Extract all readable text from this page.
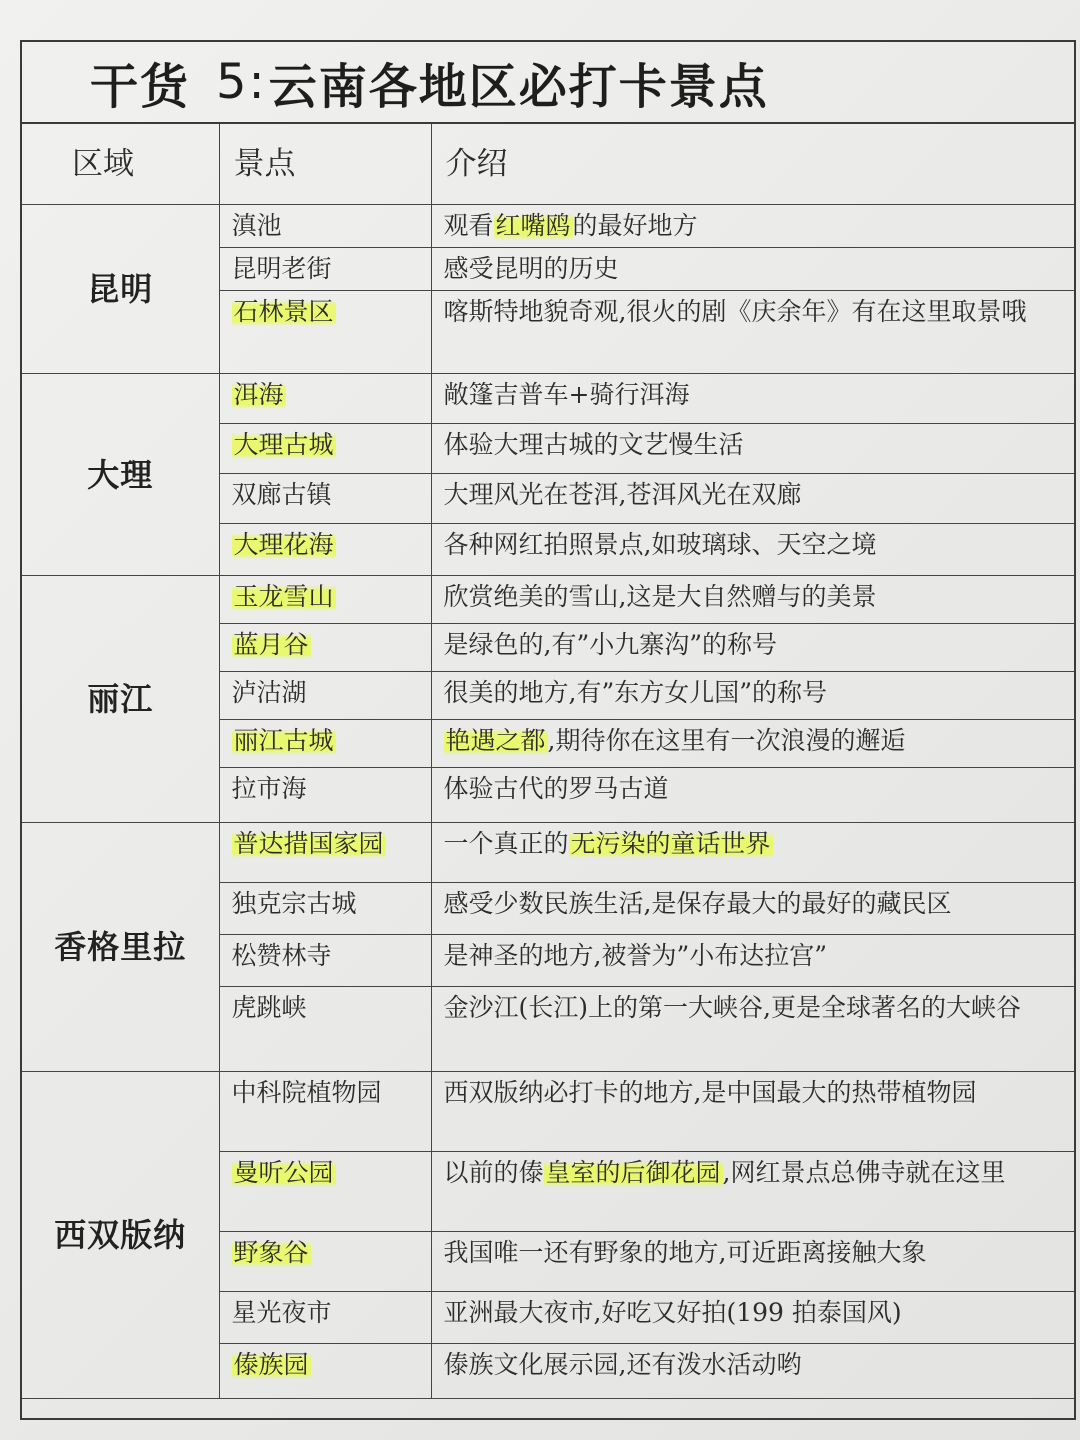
干货 5: 云南各地区必打卡景点
区域	景点	介绍
昆明	滇池	观看红嘴鸥的最好地方
	昆明老街	感受昆明的历史
	石林景区	喀斯特地貌奇观,很火的剧《庆余年》有在这里取景哦
大理	洱海	敞篷吉普车+骑行洱海
	大理古城	体验大理古城的文艺慢生活
	双廊古镇	大理风光在苍洱,苍洱风光在双廊
	大理花海	各种网红拍照景点,如玻璃球、天空之境
丽江	玉龙雪山	欣赏绝美的雪山,这是大自然赠与的美景
	蓝月谷	是绿色的,有”小九寨沟”的称号
	泸沽湖	很美的地方,有”东方女儿国”的称号
	丽江古城	艳遇之都,期待你在这里有一次浪漫的邂逅
	拉市海	体验古代的罗马古道
香格里拉	普达措国家园	一个真正的无污染的童话世界
	独克宗古城	感受少数民族生活,是保存最大的最好的藏民区
	松赞林寺	是神圣的地方,被誉为”小布达拉宫”
	虎跳峡	金沙江(长江)上的第一大峡谷,更是全球著名的大峡谷
西双版纳	中科院植物园	西双版纳必打卡的地方,是中国最大的热带植物园
	曼听公园	以前的傣皇室的后御花园,网红景点总佛寺就在这里
	野象谷	我国唯一还有野象的地方,可近距离接触大象
	星光夜市	亚洲最大夜市,好吃又好拍(199 拍泰国风)
	傣族园	傣族文化展示园,还有泼水活动哟
